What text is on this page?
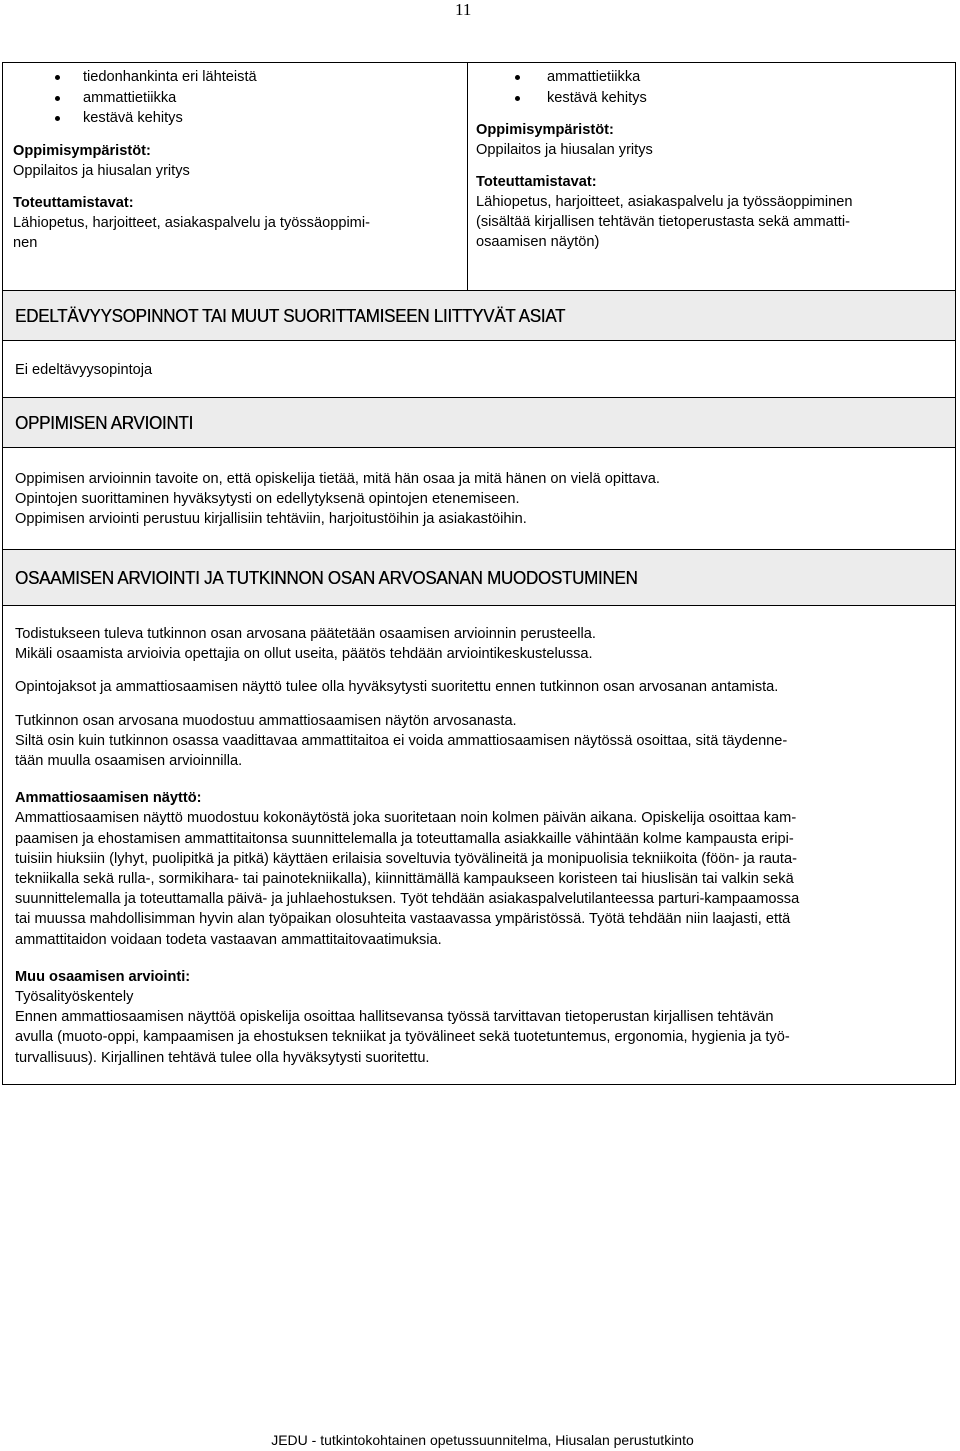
11
tiedonhankinta eri lähteistä
ammattietiikka
kestävä kehitys
Oppimisympäristöt:
Oppilaitos ja hiusalan yritys
Toteuttamistavat:
Lähiopetus, harjoitteet, asiakaspalvelu ja työssäoppimi-
nen
ammattietiikka
kestävä kehitys
Oppimisympäristöt:
Oppilaitos ja hiusalan yritys
Toteuttamistavat:
Lähiopetus, harjoitteet, asiakaspalvelu ja työssäoppiminen
(sisältää kirjallisen tehtävän tietoperustasta sekä ammatti-
osaamisen näytön)
EDELTÄVYYSOPINNOT TAI MUUT SUORITTAMISEEN LIITTYVÄT ASIAT

Ei edeltävyysopintoja

OPPIMISEN ARVIOINTI

Oppimisen arvioinnin tavoite on, että opiskelija tietää, mitä hän osaa ja mitä hänen on vielä opittava.

Opintojen suorittaminen hyväksytysti on edellytyksenä opintojen etenemiseen.

Oppimisen arviointi perustuu kirjallisiin tehtäviin, harjoitustöihin ja asiakastöihin.

OSAAMISEN ARVIOINTI JA TUTKINNON OSAN ARVOSANAN MUODOSTUMINEN

Todistukseen tuleva tutkinnon osan arvosana päätetään osaamisen arvioinnin perusteella.

Mikäli osaamista arvioivia opettajia on ollut useita, päätös tehdään arviointikeskustelussa.

Opintojaksot ja ammattiosaamisen näyttö tulee olla hyväksytysti suoritettu ennen tutkinnon osan arvosanan antamista.

Tutkinnon osan arvosana muodostuu ammattiosaamisen näytön arvosanasta.

Siltä osin kuin tutkinnon osassa vaadittavaa ammattitaitoa ei voida ammattiosaamisen näytössä osoittaa, sitä täydenne-

tään muulla osaamisen arvioinnilla.

Ammattiosaamisen näyttö:

Ammattiosaamisen näyttö muodostuu kokonäytöstä joka suoritetaan noin kolmen päivän aikana. Opiskelija osoittaa kam-

paamisen ja ehostamisen ammattitaitonsa suunnittelemalla ja toteuttamalla asiakkaille vähintään kolme kampausta eripi-

tuisiin hiuksiin (lyhyt, puolipitkä ja pitkä) käyttäen erilaisia soveltuvia työvälineitä ja monipuolisia tekniikoita (föön- ja rauta-

tekniikalla sekä rulla-, sormikihara- tai painotekniikalla), kiinnittämällä kampaukseen koristeen tai hiuslisän tai valkin sekä

suunnittelemalla ja toteuttamalla päivä- ja juhlaehostuksen. Työt tehdään asiakaspalvelutilanteessa parturi-kampaamossa

tai muussa mahdollisimman hyvin alan työpaikan olosuhteita vastaavassa ympäristössä. Työtä tehdään niin laajasti, että

ammattitaidon voidaan todeta vastaavan ammattitaitovaatimuksia.

Muu osaamisen arviointi:

Työsalityöskentely

Ennen ammattiosaamisen näyttöä opiskelija osoittaa hallitsevansa työssä tarvittavan tietoperustan kirjallisen tehtävän

avulla (muoto-oppi, kampaamisen ja ehostuksen tekniikat ja työvälineet sekä tuotetuntemus, ergonomia, hygienia ja työ-

turvallisuus). Kirjallinen tehtävä tulee olla hyväksytysti suoritettu.

JEDU - tutkintokohtainen opetussuunnitelma, Hiusalan perustutkinto
